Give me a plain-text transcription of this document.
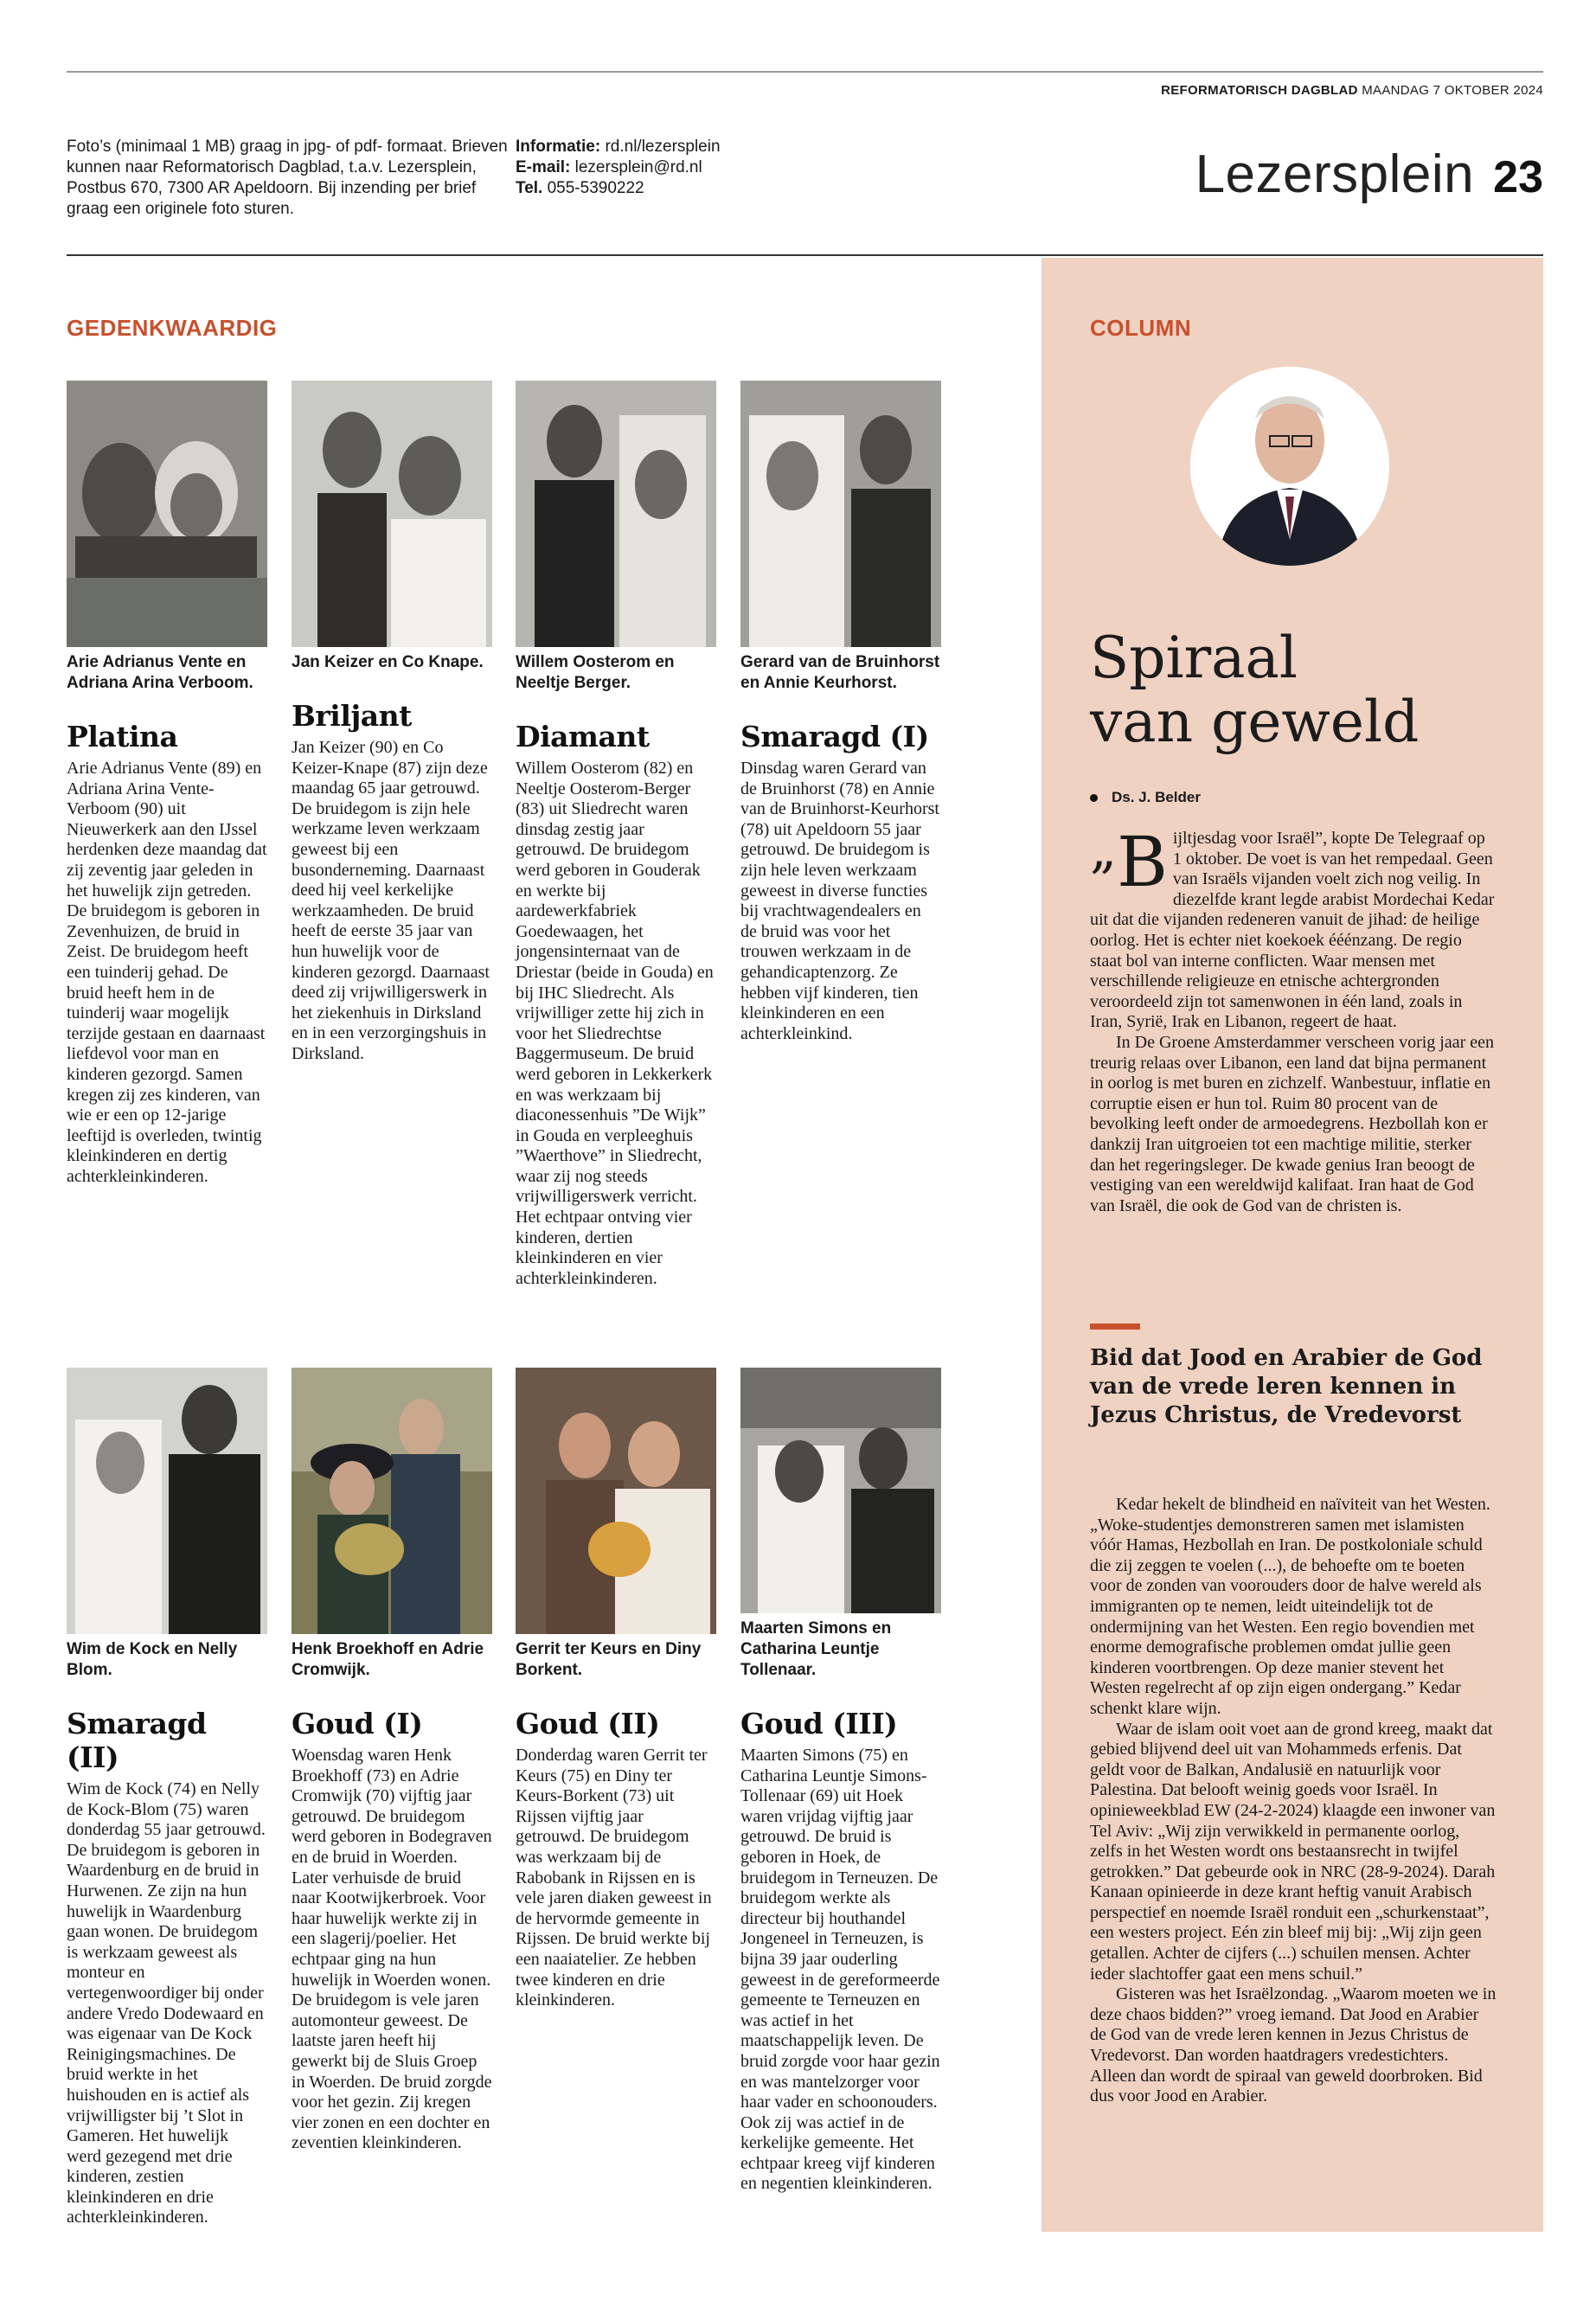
REFORMATORISCH DAGBLAD MAANDAG 7 OKTOBER 2024
Foto’s (minimaal 1 MB) graag in jpg- of pdf- formaat. Brieven kunnen naar Reformatorisch Dagblad, t.a.v. Lezersplein, Postbus 670, 7300 AR Apeldoorn. Bij inzending per brief graag een originele foto sturen.
Informatie: rd.nl/lezersplein
E-mail: lezersplein@rd.nl
Tel. 055-5390222	Lezersplein 23
GEDENKWAARDIG
Arie Adrianus Vente en Adriana Arina Verboom.
Platina

Arie Adrianus Vente (89) en Adriana Arina Vente-Verboom (90) uit Nieuwerkerk aan den IJssel herdenken deze maandag dat zij zeventig jaar geleden in het huwelijk zijn getreden. De bruidegom is geboren in Zevenhuizen, de bruid in Zeist. De bruidegom heeft een tuinderij gehad. De bruid heeft hem in de tuinderij waar mogelijk terzijde gestaan en daarnaast liefdevol voor man en kinderen gezorgd. Samen kregen zij zes kinderen, van wie er een op 12-jarige leeftijd is overleden, twintig kleinkinderen en dertig achterkleinkinderen.

Jan Keizer en Co Knape.
Briljant

Jan Keizer (90) en Co Keizer-Knape (87) zijn deze maandag 65 jaar getrouwd. De bruidegom is zijn hele werkzame leven werkzaam geweest bij een busonderneming. Daarnaast deed hij veel kerkelijke werkzaamheden. De bruid heeft de eerste 35 jaar van hun huwelijk voor de kinderen gezorgd. Daarnaast deed zij vrijwilligerswerk in het ziekenhuis in Dirksland en in een verzorgingshuis in Dirksland.

Willem Oosterom en Neeltje Berger.
Diamant

Willem Oosterom (82) en Neeltje Oosterom-Berger (83) uit Sliedrecht waren dinsdag zestig jaar getrouwd. De bruidegom werd geboren in Gouderak en werkte bij aardewerkfabriek Goedewaagen, het jongensinternaat van de Driestar (beide in Gouda) en bij IHC Sliedrecht. Als vrijwilliger zette hij zich in voor het Sliedrechtse Baggermuseum. De bruid werd geboren in Lekkerkerk en was werkzaam bij diaconessenhuis ”De Wijk” in Gouda en verpleeghuis ”Waerthove” in Sliedrecht, waar zij nog steeds vrijwilligerswerk verricht. Het echtpaar ontving vier kinderen, dertien kleinkinderen en vier achterkleinkinderen.

Gerard van de Bruinhorst en Annie Keurhorst.
Smaragd (I)

Dinsdag waren Gerard van de Bruinhorst (78) en Annie van de Bruinhorst-Keurhorst (78) uit Apeldoorn 55 jaar getrouwd. De bruidegom is zijn hele leven werkzaam geweest in diverse functies bij vrachtwagendealers en de bruid was voor het trouwen werkzaam in de gehandicaptenzorg. Ze hebben vijf kinderen, tien kleinkinderen en een achterkleinkind.

Wim de Kock en Nelly Blom.
Smaragd (II)

Wim de Kock (74) en Nelly de Kock-Blom (75) waren donderdag 55 jaar getrouwd. De bruidegom is geboren in Waardenburg en de bruid in Hurwenen. Ze zijn na hun huwelijk in Waardenburg gaan wonen. De bruidegom is werkzaam geweest als monteur en vertegenwoordiger bij onder andere Vredo Dodewaard en was eigenaar van De Kock Reinigingsmachines. De bruid werkte in het huishouden en is actief als vrijwilligster bij ’t Slot in Gameren. Het huwelijk werd gezegend met drie kinderen, zestien kleinkinderen en drie achterkleinkinderen.

Henk Broekhoff en Adrie Cromwijk.
Goud (I)

Woensdag waren Henk Broekhoff (73) en Adrie Cromwijk (70) vijftig jaar getrouwd. De bruidegom werd geboren in Bodegraven en de bruid in Woerden. Later verhuisde de bruid naar Kootwijkerbroek. Voor haar huwelijk werkte zij in een slagerij/poelier. Het echtpaar ging na hun huwelijk in Woerden wonen. De bruidegom is vele jaren automonteur geweest. De laatste jaren heeft hij gewerkt bij de Sluis Groep in Woerden. De bruid zorgde voor het gezin. Zij kregen vier zonen en een dochter en zeventien kleinkinderen.

Gerrit ter Keurs en Diny Borkent.
Goud (II)

Donderdag waren Gerrit ter Keurs (75) en Diny ter Keurs-Borkent (73) uit Rijssen vijftig jaar getrouwd. De bruidegom was werkzaam bij de Rabobank in Rijssen en is vele jaren diaken geweest in de hervormde gemeente in Rijssen. De bruid werkte bij een naaiatelier. Ze hebben twee kinderen en drie kleinkinderen.

Maarten Simons en Catharina Leuntje Tollenaar.
Goud (III)

Maarten Simons (75) en Catharina Leuntje Simons-Tollenaar (69) uit Hoek waren vrijdag vijftig jaar getrouwd. De bruid is geboren in Hoek, de bruidegom in Terneuzen. De bruidegom werkte als directeur bij houthandel Jongeneel in Terneuzen, is bijna 39 jaar ouderling geweest in de gereformeerde gemeente te Terneuzen en was actief in het maatschappelijk leven. De bruid zorgde voor haar gezin en was mantelzorger voor haar vader en schoonouders. Ook zij was actief in de kerkelijke gemeente. Het echtpaar kreeg vijf kinderen en negentien kleinkinderen.

COLUMN
Spiraal
van geweld
Ds. J. Belder

„B ijltjesdag voor Israël”, kopte De Telegraaf op 1 oktober. De voet is van het rempedaal. Geen van Israëls vijanden voelt zich nog veilig. In diezelfde krant legde arabist Mordechai Kedar uit dat die vijanden redeneren vanuit de jihad: de heilige oorlog. Het is echter niet koekoek ééénzang. De regio staat bol van interne conflicten. Waar mensen met verschillende religieuze en etnische achtergronden veroordeeld zijn tot samenwonen in één land, zoals in Iran, Syrië, Irak en Libanon, regeert de haat.

In De Groene Amsterdammer verscheen vorig jaar een treurig relaas over Libanon, een land dat bijna permanent in oorlog is met buren en zichzelf. Wanbestuur, inflatie en corruptie eisen er hun tol. Ruim 80 procent van de bevolking leeft onder de armoedegrens. Hezbollah kon er dankzij Iran uitgroeien tot een machtige militie, sterker dan het regeringsleger. De kwade genius Iran beoogt de vestiging van een wereldwijd kalifaat. Iran haat de God van Israël, die ook de God van de christen is.

Bid dat Jood en Arabier de God van de vrede leren kennen in Jezus Christus, de Vredevorst

Kedar hekelt de blindheid en naïviteit van het Westen. „Woke-studentjes demonstreren samen met islamisten vóór Hamas, Hezbollah en Iran. De postkoloniale schuld die zij zeggen te voelen (...), de behoefte om te boeten voor de zonden van voorouders door de halve wereld als immigranten op te nemen, leidt uiteindelijk tot de ondermijning van het Westen. Een regio bovendien met enorme demografische problemen omdat jullie geen kinderen voortbrengen. Op deze manier stevent het Westen regelrecht af op zijn eigen ondergang.” Kedar schenkt klare wijn.

Waar de islam ooit voet aan de grond kreeg, maakt dat gebied blijvend deel uit van Mohammeds erfenis. Dat geldt voor de Balkan, Andalusië en natuurlijk voor Palestina. Dat belooft weinig goeds voor Israël. In opinieweekblad EW (24-2-2024) klaagde een inwoner van Tel Aviv: „Wij zijn verwikkeld in permanente oorlog, zelfs in het Westen wordt ons bestaansrecht in twijfel getrokken.” Dat gebeurde ook in NRC (28-9-2024). Darah Kanaan opinieerde in deze krant heftig vanuit Arabisch perspectief en noemde Israël ronduit een „schurkenstaat”, een westers project. Eén zin bleef mij bij: „Wij zijn geen getallen. Achter de cijfers (...) schuilen mensen. Achter ieder slachtoffer gaat een mens schuil.”

Gisteren was het Israëlzondag. „Waarom moeten we in deze chaos bidden?” vroeg iemand. Dat Jood en Arabier de God van de vrede leren kennen in Jezus Christus de Vredevorst. Dan worden haatdragers vredestichters. Alleen dan wordt de spiraal van geweld doorbroken. Bid dus voor Jood en Arabier.
